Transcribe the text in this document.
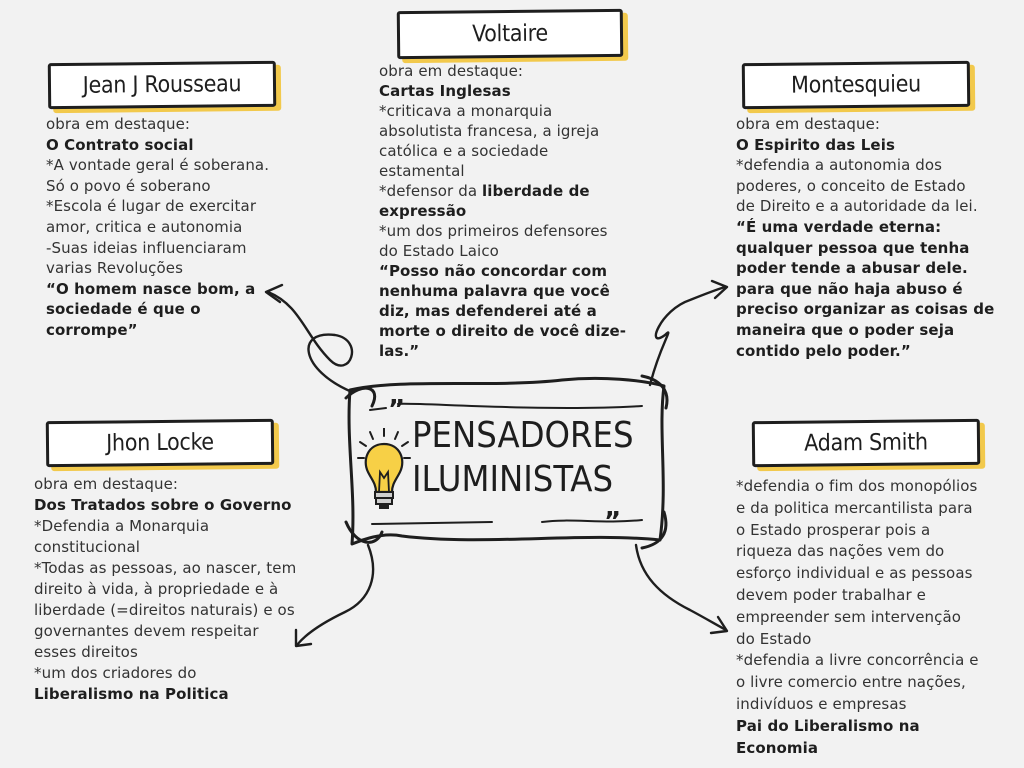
”
”
PENSADORES
ILUMINISTAS
Jean J Rousseau
Voltaire
Montesquieu
Jhon Locke	Adam Smith

obra em destaque:

O Contrato social

*A vontade geral é soberana.

Só o povo é soberano

*Escola é lugar de exercitar

amor, critica e autonomia

-Suas ideias influenciaram

varias Revoluções

“O homem nasce bom, a

sociedade é que o

corrompe”

obra em destaque:

Cartas Inglesas

*criticava a monarquia

absolutista francesa, a igreja

católica e a sociedade

estamental

*defensor da liberdade de

expressão

*um dos primeiros defensores

do Estado Laico

“Posso não concordar com

nenhuma palavra que você

diz, mas defenderei até a

morte o direito de você dize-

las.”

obra em destaque:

O Espirito das Leis

*defendia a autonomia dos

poderes, o conceito de Estado

de Direito e a autoridade da lei.

“É uma verdade eterna:

qualquer pessoa que tenha

poder tende a abusar dele.

para que não haja abuso é

preciso organizar as coisas de

maneira que o poder seja

contido pelo poder.”

obra em destaque:

Dos Tratados sobre o Governo

*Defendia a Monarquia

constitucional

*Todas as pessoas, ao nascer, tem

direito à vida, à propriedade e à

liberdade (=direitos naturais) e os

governantes devem respeitar

esses direitos

*um dos criadores do

Liberalismo na Politica

*defendia o fim dos monopólios

e da politica mercantilista para

o Estado prosperar pois a

riqueza das nações vem do

esforço individual e as pessoas

devem poder trabalhar e

empreender sem intervenção

do Estado

*defendia a livre concorrência e

o livre comercio entre nações,

indivíduos e empresas

Pai do Liberalismo na

Economia
